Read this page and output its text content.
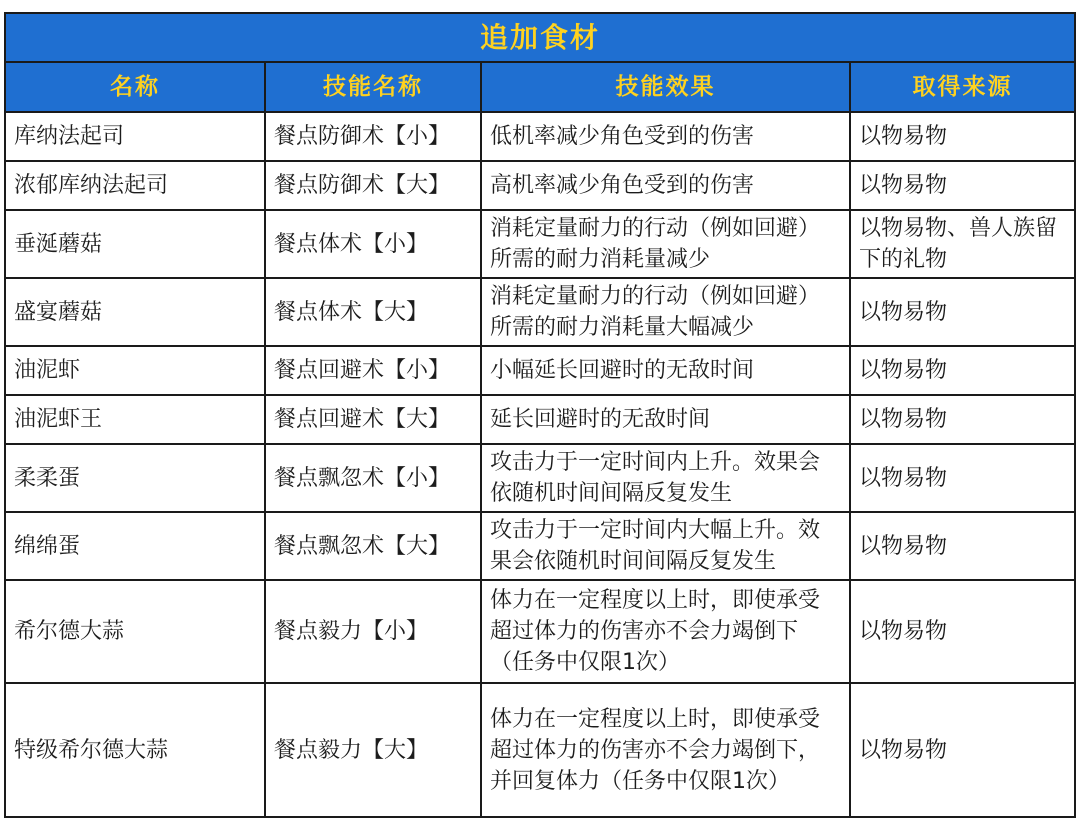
追加食材			
名称	技能名称	技能效果	取得来源
库纳法起司	餐点防御术【小】	低机率减少角色受到的伤害	以物易物
浓郁库纳法起司	餐点防御术【大】	高机率减少角色受到的伤害	以物易物
垂涎蘑菇	餐点体术【小】	消耗定量耐力的行动（例如回避）所需的耐力消耗量减少	以物易物、兽人族留下的礼物
盛宴蘑菇	餐点体术【大】	消耗定量耐力的行动（例如回避）所需的耐力消耗量大幅减少	以物易物
油泥虾	餐点回避术【小】	小幅延长回避时的无敌时间	以物易物
油泥虾王	餐点回避术【大】	延长回避时的无敌时间	以物易物
柔柔蛋	餐点飘忽术【小】	攻击力于一定时间内上升。效果会依随机时间间隔反复发生	以物易物
绵绵蛋	餐点飘忽术【大】	攻击力于一定时间内大幅上升。效果会依随机时间间隔反复发生	以物易物
希尔德大蒜	餐点毅力【小】	体力在一定程度以上时，即使承受超过体力的伤害亦不会力竭倒下（任务中仅限1次）	以物易物
特级希尔德大蒜	餐点毅力【大】	体力在一定程度以上时，即使承受超过体力的伤害亦不会力竭倒下，并回复体力（任务中仅限1次）	以物易物
